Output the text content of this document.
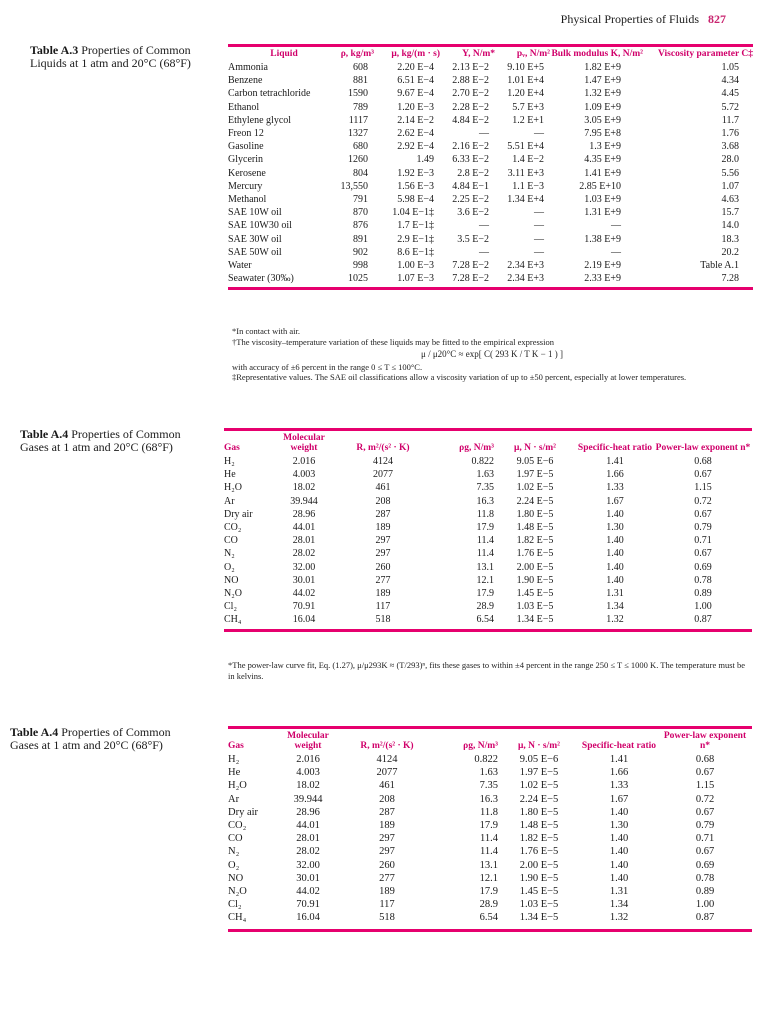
Physical Properties of Fluids 827
Table A.3 Properties of Common Liquids at 1 atm and 20°C (68°F)
Liquid	ρ, kg/m³	μ, kg/(m · s)	Y, N/m*	pᵥ, N/m²	Bulk modulus K, N/m²	Viscosity parameter C‡
Ammonia	608	2.20 E−4	2.13 E−2	9.10 E+5	1.82 E+9	1.05
Benzene	881	6.51 E−4	2.88 E−2	1.01 E+4	1.47 E+9	4.34
Carbon tetrachloride	1590	9.67 E−4	2.70 E−2	1.20 E+4	1.32 E+9	4.45
Ethanol	789	1.20 E−3	2.28 E−2	5.7 E+3	1.09 E+9	5.72
Ethylene glycol	1117	2.14 E−2	4.84 E−2	1.2 E+1	3.05 E+9	11.7
Freon 12	1327	2.62 E−4	—	—	7.95 E+8	1.76
Gasoline	680	2.92 E−4	2.16 E−2	5.51 E+4	1.3 E+9	3.68
Glycerin	1260	1.49	6.33 E−2	1.4 E−2	4.35 E+9	28.0
Kerosene	804	1.92 E−3	2.8 E−2	3.11 E+3	1.41 E+9	5.56
Mercury	13,550	1.56 E−3	4.84 E−1	1.1 E−3	2.85 E+10	1.07
Methanol	791	5.98 E−4	2.25 E−2	1.34 E+4	1.03 E+9	4.63
SAE 10W oil	870	1.04 E−1‡	3.6 E−2	—	1.31 E+9	15.7
SAE 10W30 oil	876	1.7 E−1‡	—	—	—	14.0
SAE 30W oil	891	2.9 E−1‡	3.5 E−2	—	1.38 E+9	18.3
SAE 50W oil	902	8.6 E−1‡	—	—	—	20.2
Water	998	1.00 E−3	7.28 E−2	2.34 E+3	2.19 E+9	Table A.1
Seawater (30‰)	1025	1.07 E−3	7.28 E−2	2.34 E+3	2.33 E+9	7.28
*In contact with air.
†The viscosity–temperature variation of these liquids may be fitted to the empirical expression
μ / μ20°C ≈ exp[ C( 293 K / T K − 1 ) ]
with accuracy of ±6 percent in the range 0 ≤ T ≤ 100°C.
‡Representative values. The SAE oil classifications allow a viscosity variation of up to ±50 percent, especially at lower temperatures.
Table A.4 Properties of Common Gases at 1 atm and 20°C (68°F)	Gas	Molecular weight	R, m²/(s² · K)	ρg, N/m³	μ, N · s/m²	Specific-heat ratio	Power-law exponent n*
H₂	2.016	4124	0.822	9.05 E−6	1.41	0.68
He	4.003	2077	1.63	1.97 E−5	1.66	0.67
H₂O	18.02	461	7.35	1.02 E−5	1.33	1.15
Ar	39.944	208	16.3	2.24 E−5	1.67	0.72
Dry air	28.96	287	11.8	1.80 E−5	1.40	0.67
CO₂	44.01	189	17.9	1.48 E−5	1.30	0.79
CO	28.01	297	11.4	1.82 E−5	1.40	0.71
N₂	28.02	297	11.4	1.76 E−5	1.40	0.67
O₂	32.00	260	13.1	2.00 E−5	1.40	0.69
NO	30.01	277	12.1	1.90 E−5	1.40	0.78
N₂O	44.02	189	17.9	1.45 E−5	1.31	0.89
Cl₂	70.91	117	28.9	1.03 E−5	1.34	1.00
CH₄	16.04	518	6.54	1.34 E−5	1.32	0.87
*The power-law curve fit, Eq. (1.27), μ/μ293K ≈ (T/293)ⁿ, fits these gases to within ±4 percent in the range 250 ≤ T ≤ 1000 K. The temperature must be in kelvins.
Table A.4 Properties of Common Gases at 1 atm and 20°C (68°F)	Gas	Molecular weight	R, m²/(s² · K)	ρg, N/m³	μ, N · s/m²	Specific-heat ratio	Power-law exponent n*
H₂	2.016	4124	0.822	9.05 E−6	1.41	0.68
He	4.003	2077	1.63	1.97 E−5	1.66	0.67
H₂O	18.02	461	7.35	1.02 E−5	1.33	1.15
Ar	39.944	208	16.3	2.24 E−5	1.67	0.72
Dry air	28.96	287	11.8	1.80 E−5	1.40	0.67
CO₂	44.01	189	17.9	1.48 E−5	1.30	0.79
CO	28.01	297	11.4	1.82 E−5	1.40	0.71
N₂	28.02	297	11.4	1.76 E−5	1.40	0.67
O₂	32.00	260	13.1	2.00 E−5	1.40	0.69
NO	30.01	277	12.1	1.90 E−5	1.40	0.78
N₂O	44.02	189	17.9	1.45 E−5	1.31	0.89
Cl₂	70.91	117	28.9	1.03 E−5	1.34	1.00
CH₄	16.04	518	6.54	1.34 E−5	1.32	0.87
